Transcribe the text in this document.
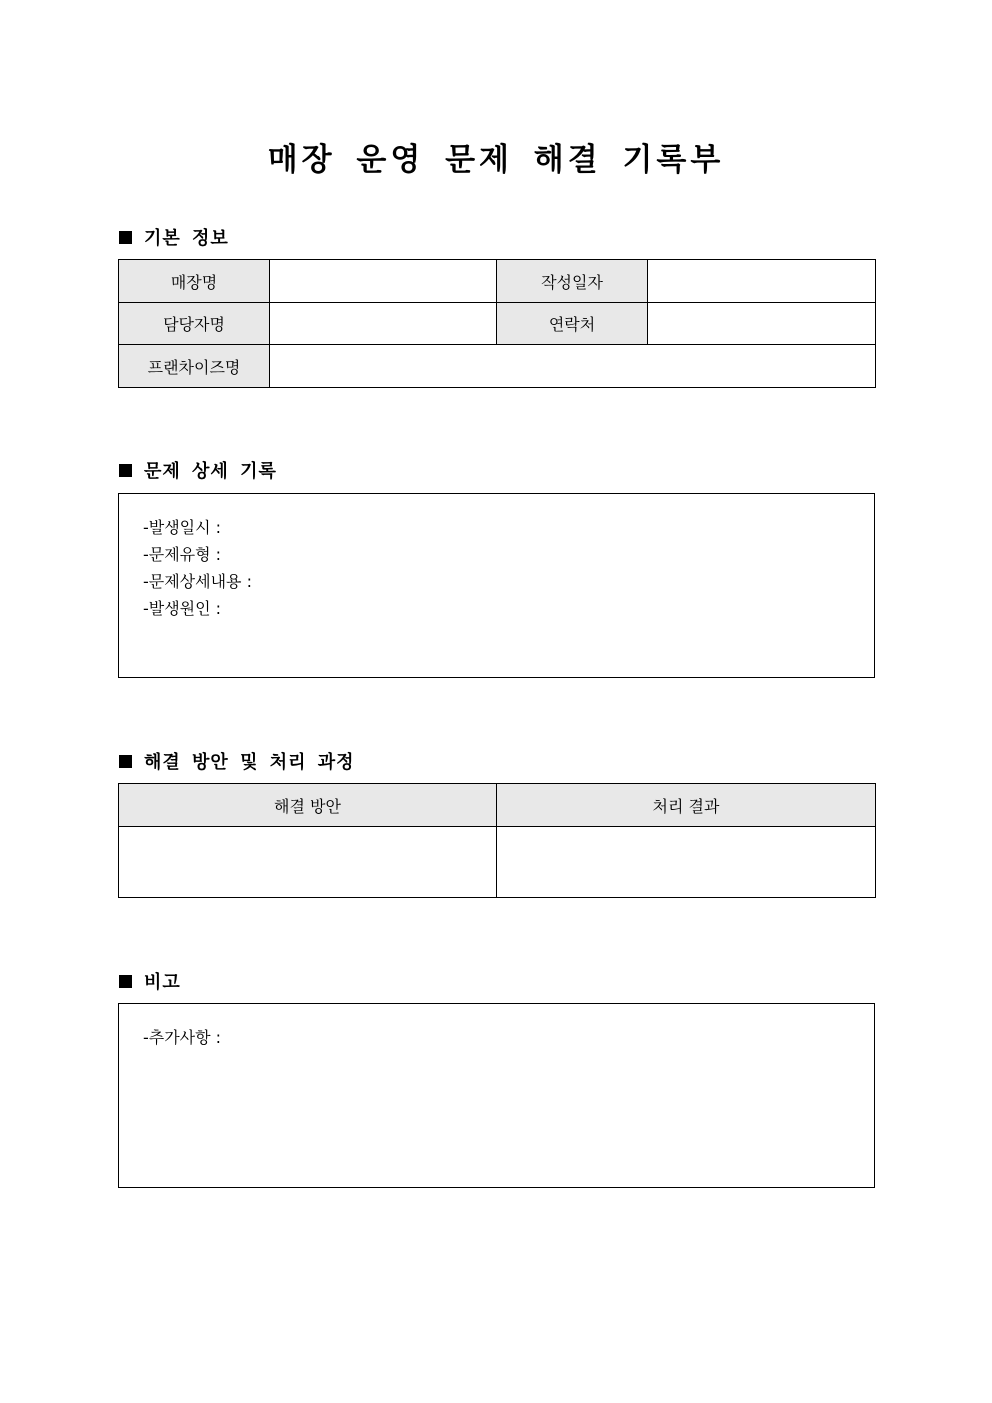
매장 운영 문제 해결 기록부
기본 정보
매장명		작성일자	
담당자명		연락처	
프랜차이즈명			
문제 상세 기록
-발생일시 :
-문제유형 :
-문제상세내용 :
-발생원인 :
해결 방안 및 처리 과정
해결 방안	처리 결과

비고
-추가사항 :
